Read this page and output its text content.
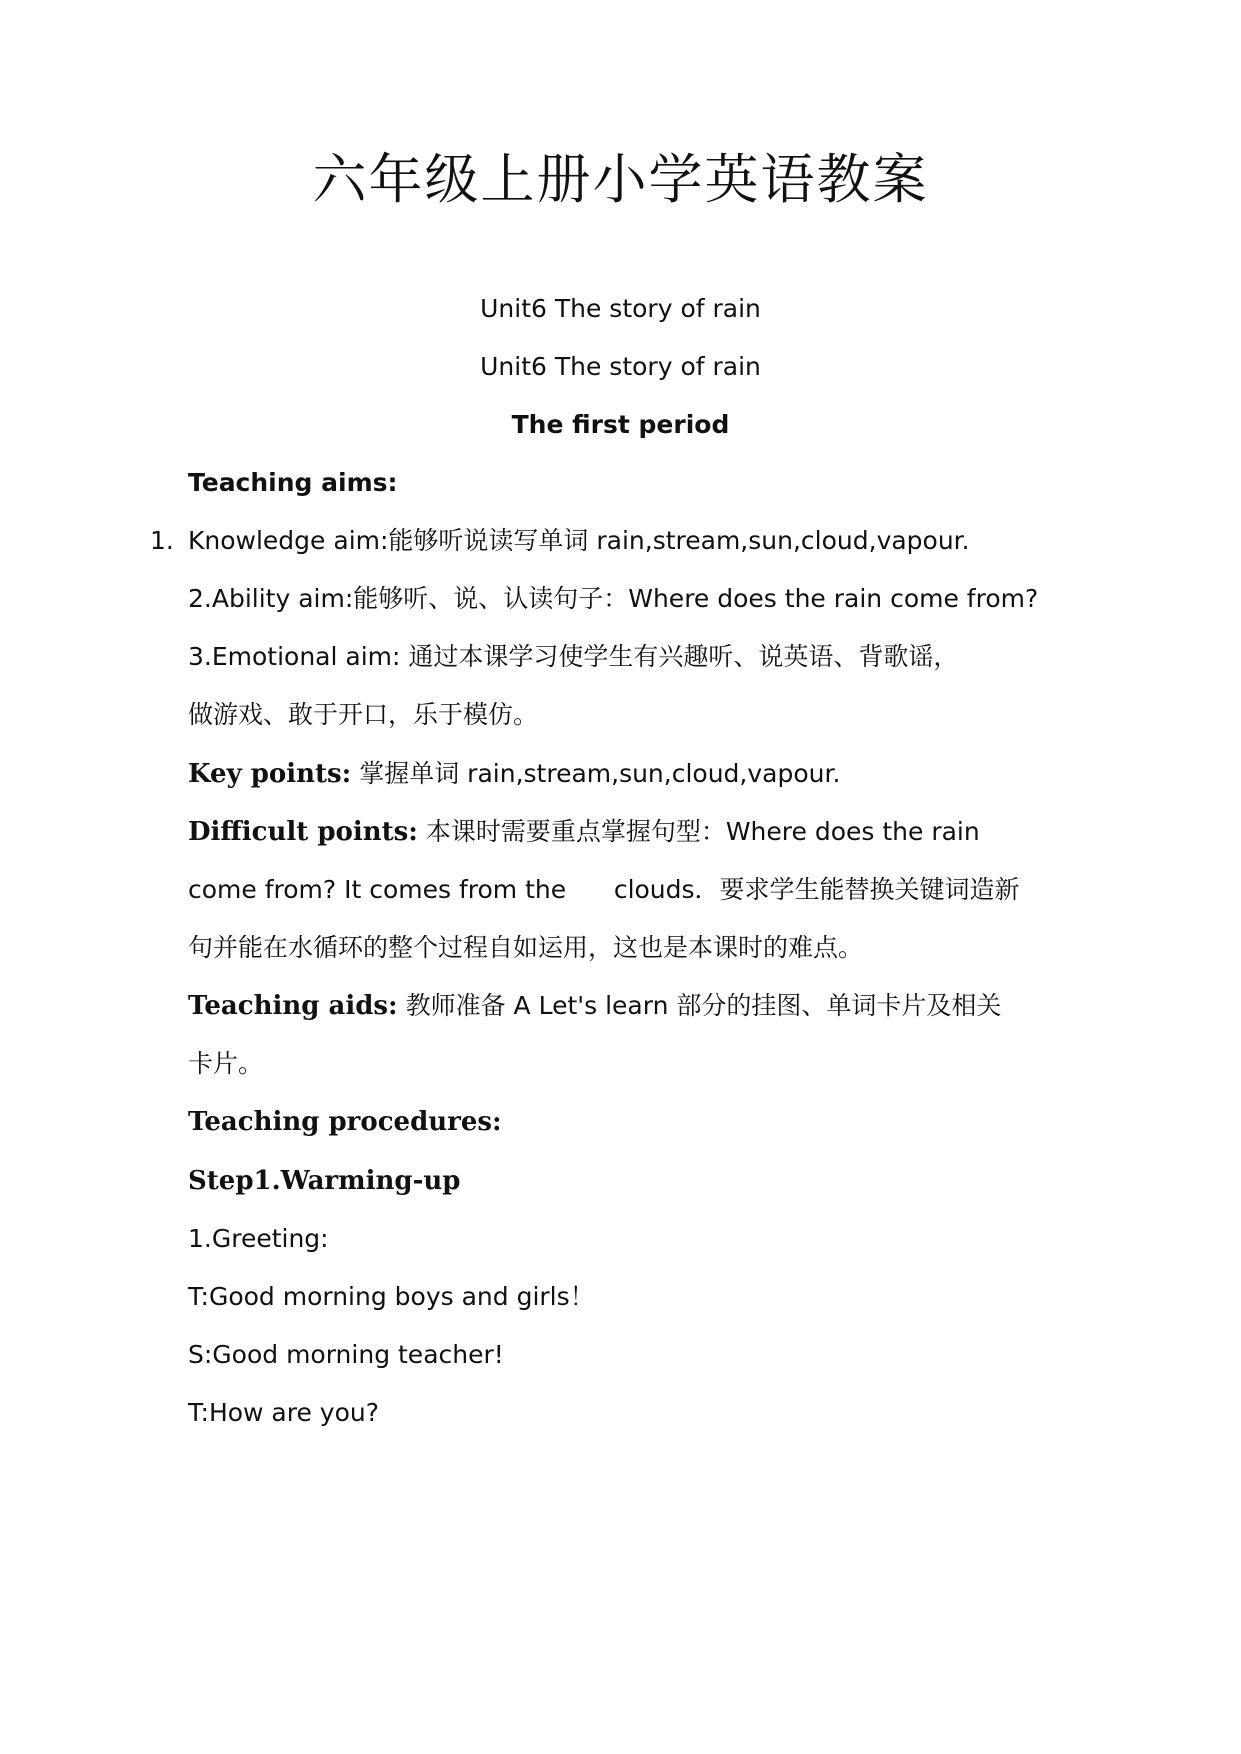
六年级上册小学英语教案
Unit6 The story of rain
Unit6 The story of rain
The first period
Teaching aims:
1. Knowledge aim:能够听说读写单词 rain,stream,sun,cloud,vapour.
2.Ability aim:能够听、说、认读句子：Where does the rain come from?
3.Emotional aim: 通过本课学习使学生有兴趣听、说英语、背歌谣，
做游戏、敢于开口，乐于模仿。
Key points: 掌握单词 rain,stream,sun,cloud,vapour.
Difficult points: 本课时需要重点掌握句型：Where does the rain
come from? It comes from the      clouds．要求学生能替换关键词造新
句并能在水循环的整个过程自如运用，这也是本课时的难点。
Teaching aids: 教师准备 A Let's learn 部分的挂图、单词卡片及相关
卡片。
Teaching procedures:
Step1.Warming-up
1.Greeting:
T:Good morning boys and girls！
S:Good morning teacher!
T:How are you?
